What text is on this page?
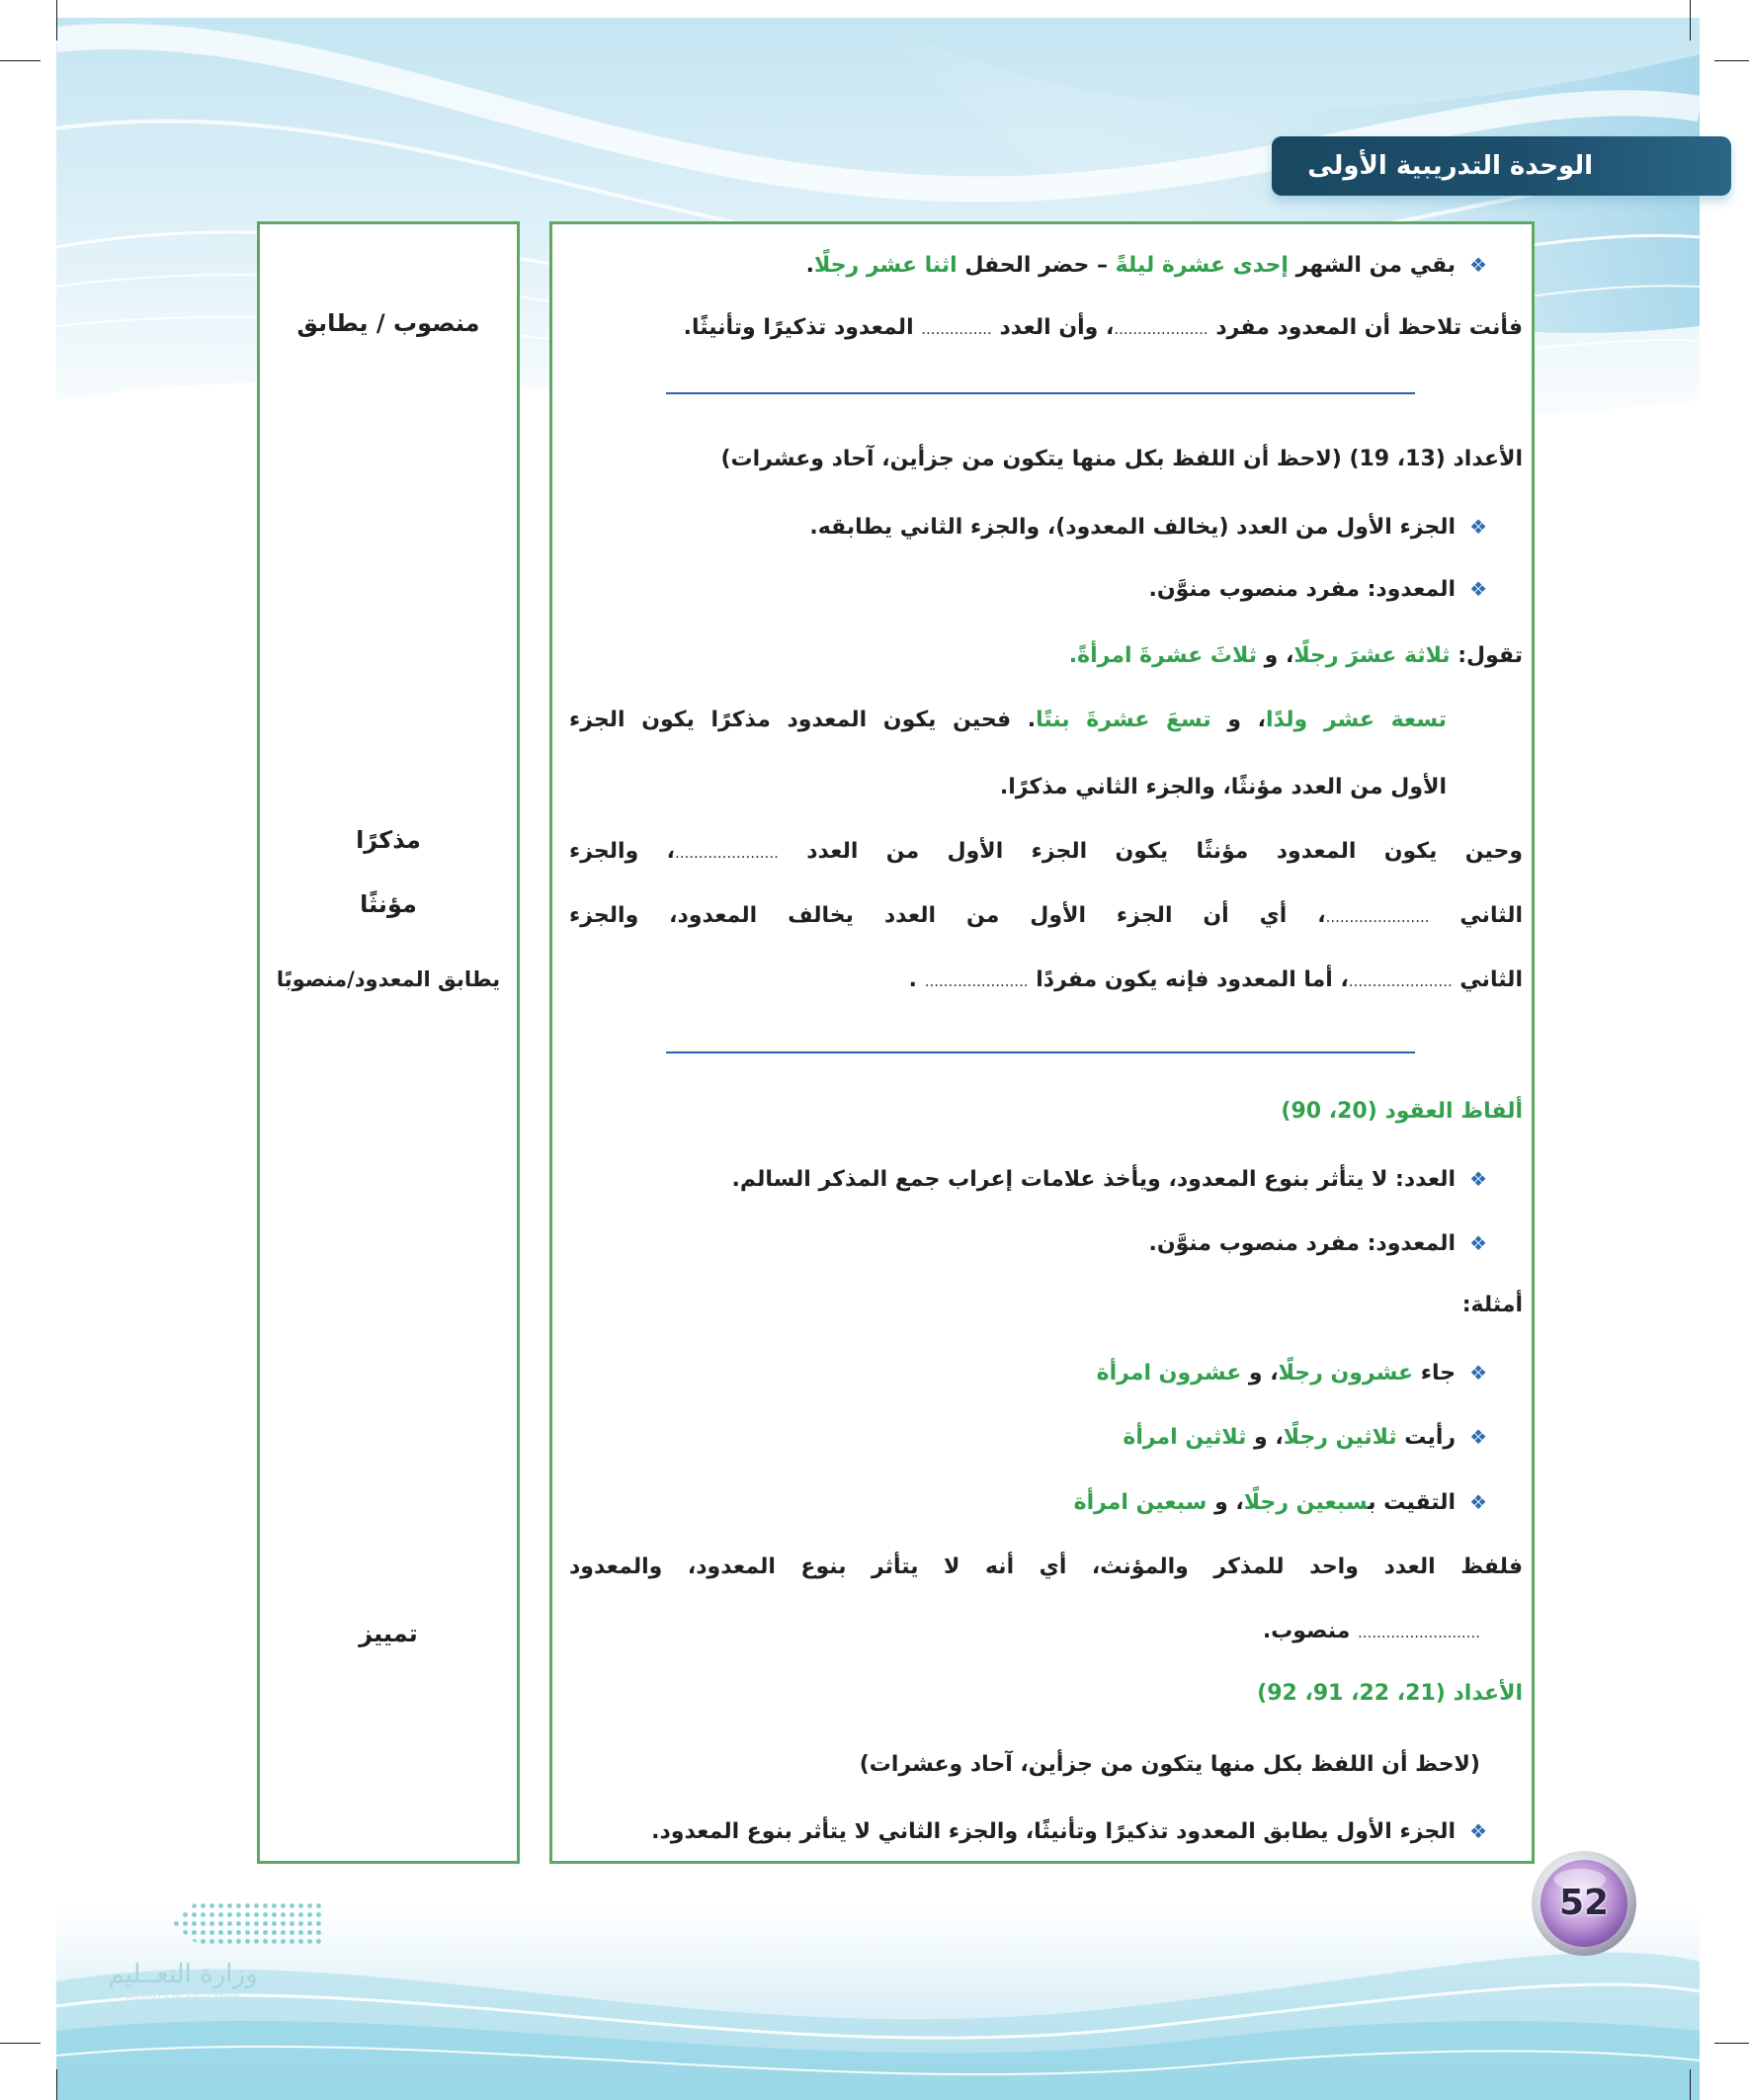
الوحدة التدريبية الأولى
منصوب / يطابق
مذكرًا
مؤنثًا
يطابق المعدود/منصوبًا
تمييز
❖ بقي من الشهر إحدى عشرة ليلةً – حضر الحفل اثنا عشر رجلًا.
فأنت تلاحظ أن المعدود مفرد ....................، وأن العدد ............... المعدود تذكيرًا وتأنيثًا.
الأعداد (13، 19) (لاحظ أن اللفظ بكل منها يتكون من جزأين، آحاد وعشرات)
❖ الجزء الأول من العدد (يخالف المعدود)، والجزء الثاني يطابقه.
❖ المعدود: مفرد منصوب منوَّن.
تقول: ثلاثة عشرَ رجلًا، و ثلاثَ عشرةَ امرأةً.
تسعة عشر ولدًا، و تسعَ عشرةَ بنتًا. فحين يكون المعدود مذكرًا يكون الجزء
الأول من العدد مؤنثًا، والجزء الثاني مذكرًا.
وحين يكون المعدود مؤنثًا يكون الجزء الأول من العدد ......................، والجزء
الثاني ......................، أي أن الجزء الأول من العدد يخالف المعدود، والجزء
الثاني ......................، أما المعدود فإنه يكون مفردًا ...................... .
ألفاظ العقود (20، 90)
❖ العدد: لا يتأثر بنوع المعدود، ويأخذ علامات إعراب جمع المذكر السالم.
❖ المعدود: مفرد منصوب منوَّن.
أمثلة:
❖ جاء عشرون رجلًا، و عشرون امرأة
❖ رأيت ثلاثين رجلًا، و ثلاثين امرأة
❖ التقيت بسبعين رجلًا، و سبعين امرأة
فلفظ العدد واحد للمذكر والمؤنث، أي أنه لا يتأثر بنوع المعدود، والمعدود
.......................... منصوب.
الأعداد (21، 22، 91، 92)
(لاحظ أن اللفظ بكل منها يتكون من جزأين، آحاد وعشرات)
❖ الجزء الأول يطابق المعدود تذكيرًا وتأنيثًا، والجزء الثاني لا يتأثر بنوع المعدود.
52
وزارة التعــليم
Ministry of Education
